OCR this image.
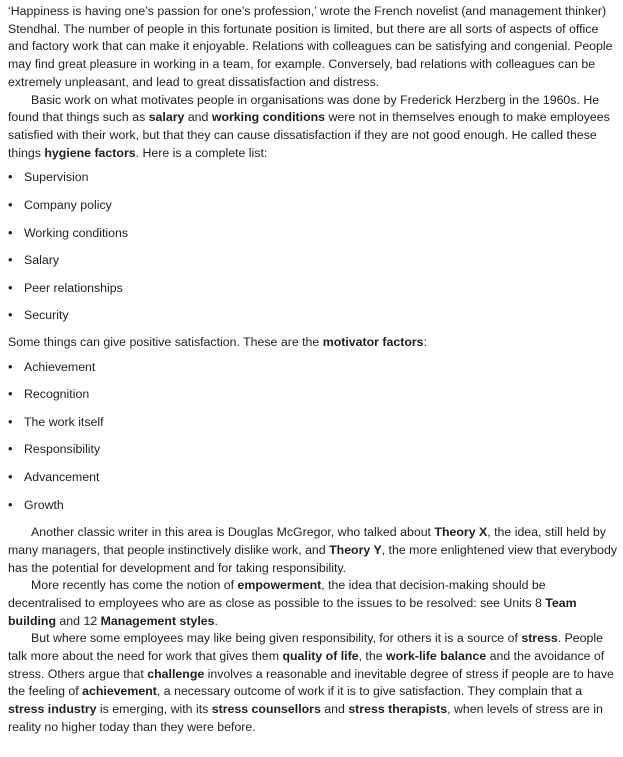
‘Happiness is having one’s passion for one’s profession,’ wrote the French novelist (and management thinker) Stendhal. The number of people in this fortunate position is limited, but there are all sorts of aspects of office and factory work that can make it enjoyable. Relations with colleagues can be satisfying and congenial. People may find great pleasure in working in a team, for example. Conversely, bad relations with colleagues can be extremely unpleasant, and lead to great dissatisfaction and distress.

Basic work on what motivates people in organisations was done by Frederick Herzberg in the 1960s. He found that things such as salary and working conditions were not in themselves enough to make employees satisfied with their work, but that they can cause dissatisfaction if they are not good enough. He called these things hygiene factors. Here is a complete list:

• Supervision
• Company policy
• Working conditions
• Salary
• Peer relationships
• Security

Some things can give positive satisfaction. These are the motivator factors:

• Achievement
• Recognition
• The work itself
• Responsibility
• Advancement
• Growth

Another classic writer in this area is Douglas McGregor, who talked about Theory X, the idea, still held by many managers, that people instinctively dislike work, and Theory Y, the more enlightened view that everybody has the potential for development and for taking responsibility.

More recently has come the notion of empowerment, the idea that decision-making should be decentralised to employees who are as close as possible to the issues to be resolved: see Units 8 Team building and 12 Management styles.

But where some employees may like being given responsibility, for others it is a source of stress. People talk more about the need for work that gives them quality of life, the work-life balance and the avoidance of stress. Others argue that challenge involves a reasonable and inevitable degree of stress if people are to have the feeling of achievement, a necessary outcome of work if it is to give satisfaction. They complain that a stress industry is emerging, with its stress counsellors and stress therapists, when levels of stress are in reality no higher today than they were before.
